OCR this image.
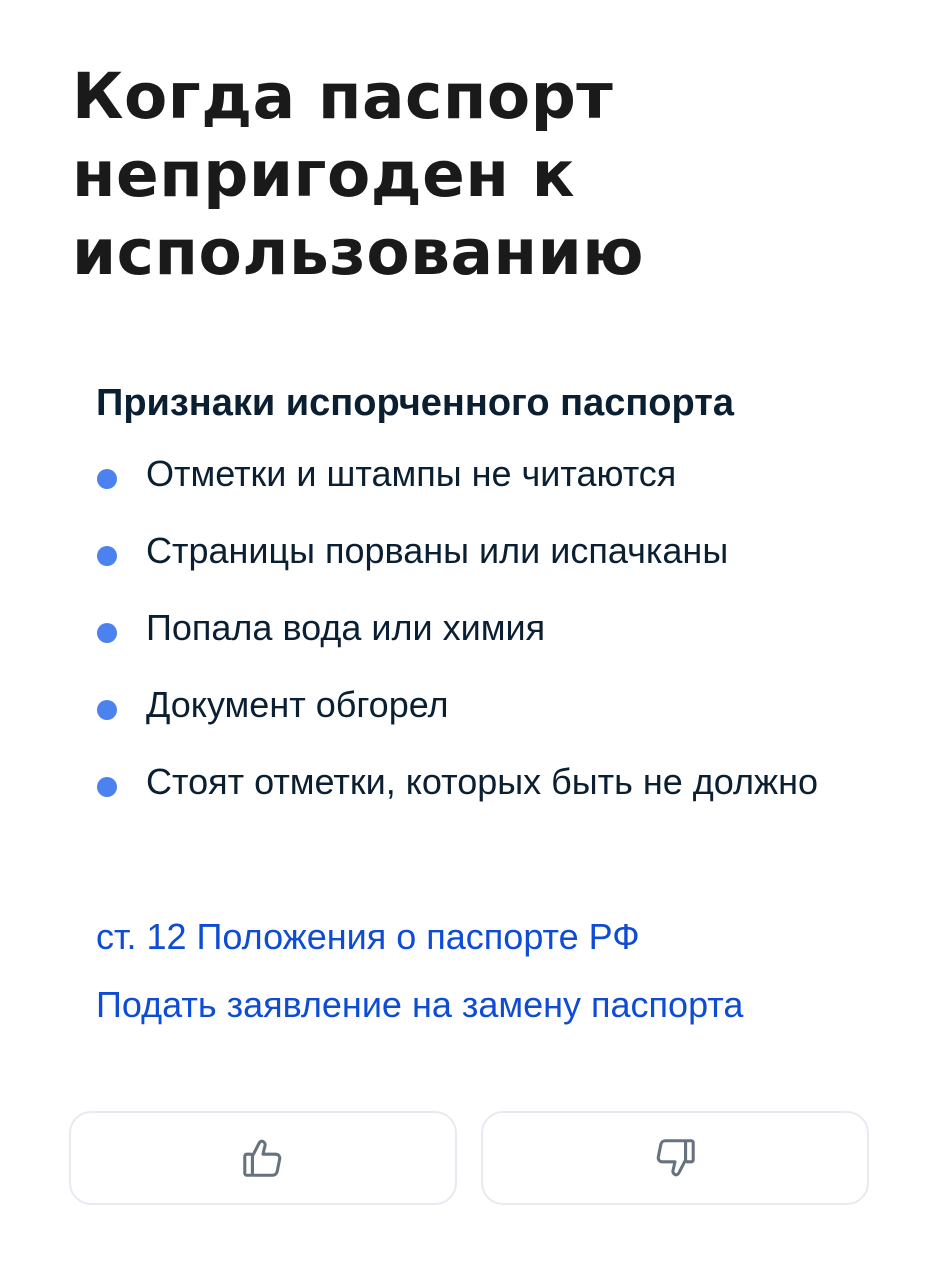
Когда паспорт непригоден к использованию
Признаки испорченного паспорта
Отметки и штампы не читаются
Страницы порваны или испачканы
Попала вода или химия
Документ обгорел
Стоят отметки, которых быть не должно
ст. 12 Положения о паспорте РФ
Подать заявление на замену паспорта
